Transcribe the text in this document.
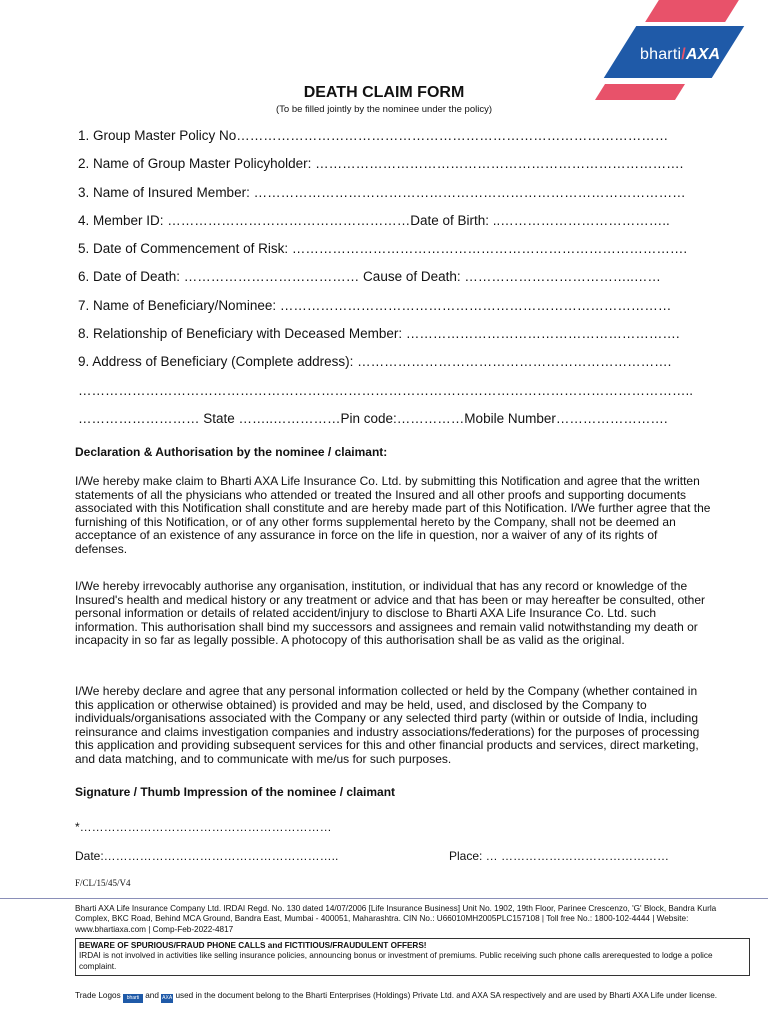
bharti/AXA
DEATH CLAIM FORM
(To be filled jointly by the nominee under the policy)
1. Group Master Policy No……………………………………………………………………………………
2. Name of Group Master Policyholder: ……………………………………………………………………….
3. Name of Insured Member: ……………………………………………………………………………………
4. Member ID: ………………………………………………Date of Birth: ..………………………………..
5. Date of Commencement of Risk: …………………………………………………………………………….
6. Date of Death: ………………………………… Cause of Death: ………………………………..……
7. Name of Beneficiary/Nominee: ……………………………………………………………………………
8. Relationship of Beneficiary with Deceased Member: …………………………………………………….
9. Address of Beneficiary (Complete address): …………………………………………………………….
………………………………………………………………………………………………………………………..
……………………… State ……..……………Pin code:……………Mobile Number…………………….
Declaration & Authorisation by the nominee / claimant:
I/We hereby make claim to Bharti AXA Life Insurance Co. Ltd. by submitting this Notification and agree that the written statements of all the physicians who attended or treated the Insured and all other proofs and supporting documents associated with this Notification shall constitute and are hereby made part of this Notification. I/We further agree that the furnishing of this Notification, or of any other forms supplemental hereto by the Company, shall not be deemed an acceptance of an existence of any assurance in force on the life in question, nor a waiver of any of its rights of defenses.
I/We hereby irrevocably authorise any organisation, institution, or individual that has any record or knowledge of the Insured's health and medical history or any treatment or advice and that has been or may hereafter be consulted, other personal information or details of related accident/injury to disclose to Bharti AXA Life Insurance Co. Ltd. such information. This authorisation shall bind my successors and assignees and remain valid notwithstanding my death or incapacity in so far as legally possible. A photocopy of this authorisation shall be as valid as the original.
I/We hereby declare and agree that any personal information collected or held by the Company (whether contained in this application or otherwise obtained) is provided and may be held, used, and disclosed by the Company to individuals/organisations associated with the Company or any selected third party (within or outside of India, including reinsurance and claims investigation companies and industry associations/federations) for the purposes of processing this application and providing subsequent services for this and other financial products and services, direct marketing, and data matching, and to communicate with me/us for such purposes.
Signature / Thumb Impression of the nominee / claimant
*………………………………………………………
Date:…………………………………………………..	Place: … ……………………………………
F/CL/15/45/V4
Bharti AXA Life Insurance Company Ltd. IRDAI Regd. No. 130 dated 14/07/2006 [Life Insurance Business] Unit No. 1902, 19th Floor, Parinee Crescenzo, 'G' Block, Bandra Kurla Complex, BKC Road, Behind MCA Ground, Bandra East, Mumbai - 400051, Maharashtra. CIN No.: U66010MH2005PLC157108 | Toll free No.: 1800-102-4444 | Website: www.bhartiaxa.com | Comp-Feb-2022-4817
BEWARE OF SPURIOUS/FRAUD PHONE CALLS and FICTITIOUS/FRAUDULENT OFFERS!
IRDAI is not involved in activities like selling insurance policies, announcing bonus or investment of premiums. Public receiving such phone calls arerequested to lodge a police complaint.
Trade Logos bharti and AXA used in the document belong to the Bharti Enterprises (Holdings) Private Ltd. and AXA SA respectively and are used by Bharti AXA Life under license.
